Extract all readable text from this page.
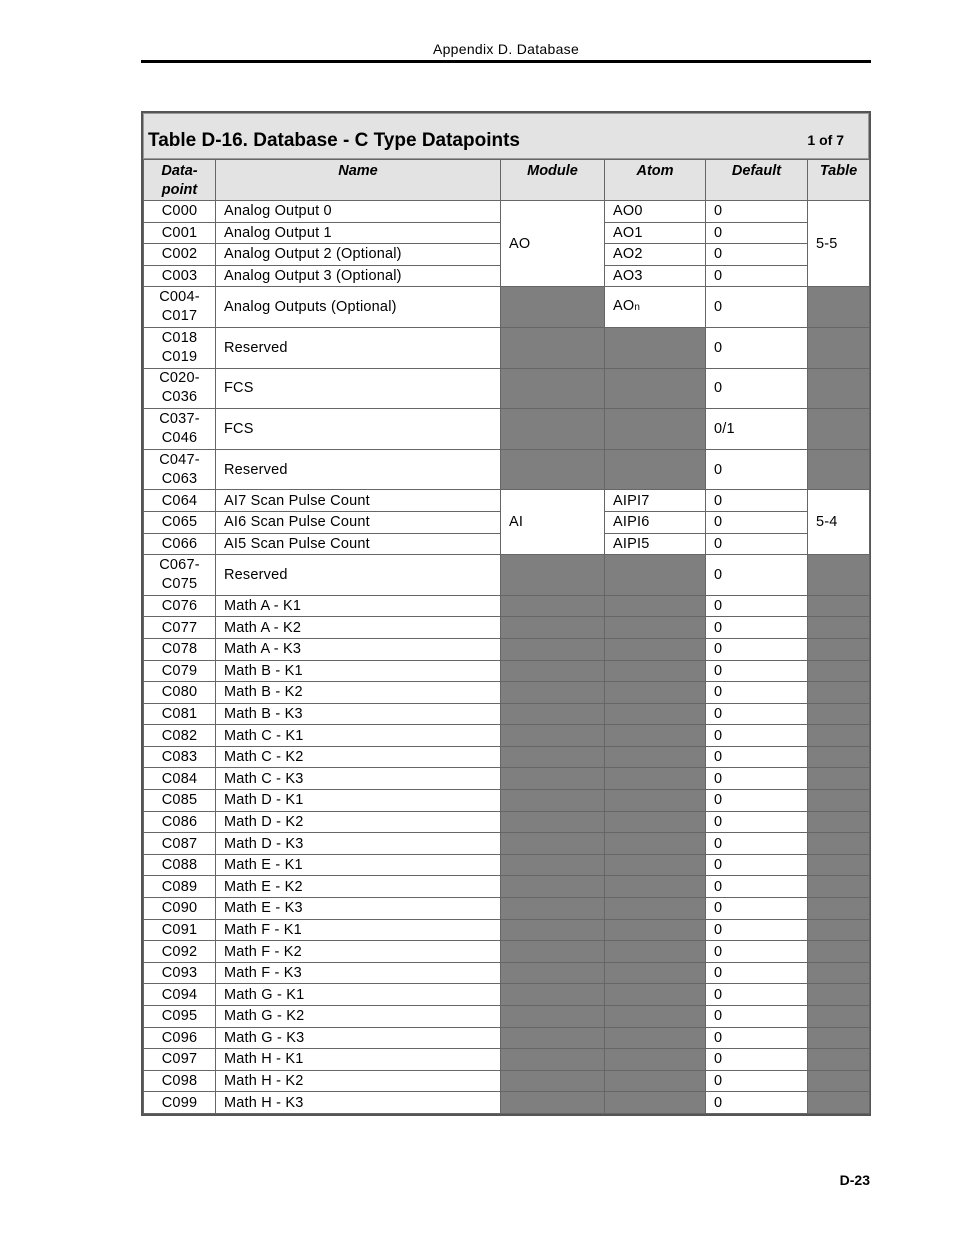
Appendix D. Database
Table D-16. Database - C Type Datapoints	1 of 7
Data-
point	Name	Module	Atom	Default	Table
C000	Analog Output 0	AO	AO0	0	5-5
C001	Analog Output 1		AO1	0	
C002	Analog Output 2 (Optional)		AO2	0	
C003	Analog Output 3 (Optional)		AO3	0	
C004-
C017	Analog Outputs (Optional)		AOn	0	
C018
C019	Reserved			0	
C020-
C036	FCS			0	
C037-
C046	FCS			0/1	
C047-
C063	Reserved			0	
C064	AI7 Scan Pulse Count	AI	AIPI7	0	5-4
C065	AI6 Scan Pulse Count		AIPI6	0	
C066	AI5 Scan Pulse Count		AIPI5	0	
C067-
C075	Reserved			0	
C076	Math A - K1			0	
C077	Math A - K2			0	
C078	Math A - K3			0	
C079	Math B - K1			0	
C080	Math B - K2			0	
C081	Math B - K3			0	
C082	Math C - K1			0	
C083	Math C - K2			0	
C084	Math C - K3			0	
C085	Math D - K1			0	
C086	Math D - K2			0	
C087	Math D - K3			0	
C088	Math E - K1			0	
C089	Math E - K2			0	
C090	Math E - K3			0	
C091	Math F - K1			0	
C092	Math F - K2			0	
C093	Math F - K3			0	
C094	Math G - K1			0	
C095	Math G - K2			0	
C096	Math G - K3			0	
C097	Math H - K1			0	
C098	Math H - K2			0	
C099	Math H - K3			0	
D-23
